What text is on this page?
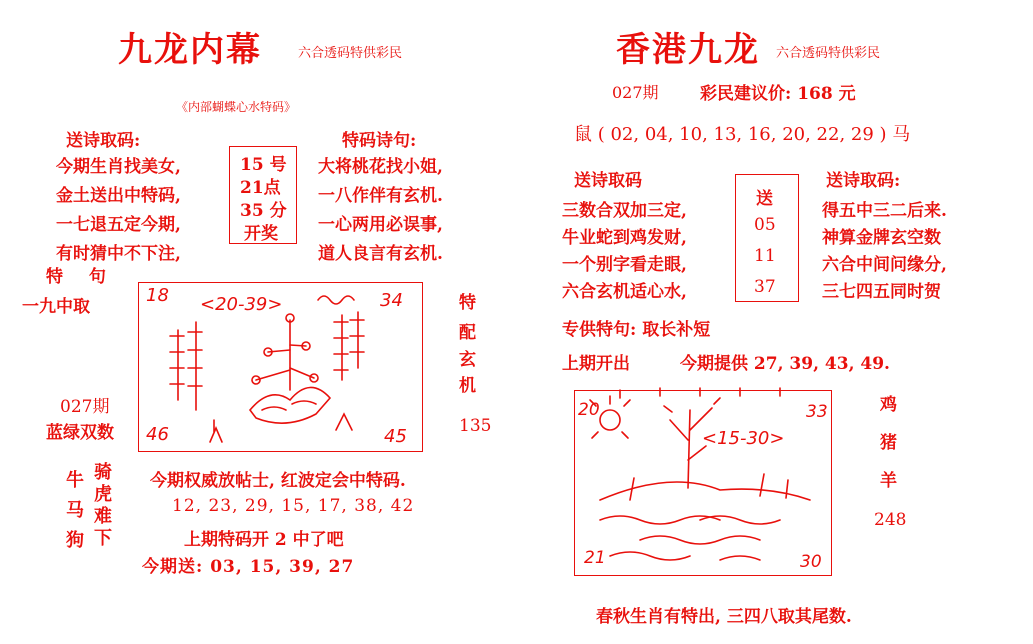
九龙内幕	六合透码特供彩民
《内部蝴蝶心水特码》
送诗取码:
今期生肖找美女,
金土送出中特码,
一七退五定今期,
有时猜中不下注,
15 号
21点
35 分
开奖
特码诗句:
大将桃花找小姐,
一八作伴有玄机.
一心两用必误事,
道人良言有玄机.
特 句
一九中取
18	34
46	45
<20-39>	特
配
玄
机
135
027期
蓝绿双数
牛
马
狗
骑
虎
难
下
今期权威放帖士, 红波定会中特码.
12, 23, 29, 15, 17, 38, 42
上期特码开 2 中了吧
今期送: 03, 15, 39, 27
香港九龙 六合透码特供彩民
027期 彩民建议价: 168 元
鼠 ( 02, 04, 10, 13, 16, 20, 22, 29 ) 马
送诗取码
三数合双加三定,
牛业蛇到鸡发财,
一个别字看走眼,
六合玄机适心水,
送
05
11
37
送诗取码:
得五中三二后来.
神算金牌玄空数
六合中间问缘分,
三七四五同时贺
专供特句: 取长补短
上期开出	今期提供 27, 39, 43, 49.
20	33
21	30
<15-30>
鸡
猪
羊
248
春秋生肖有特出, 三四八取其尾数.
